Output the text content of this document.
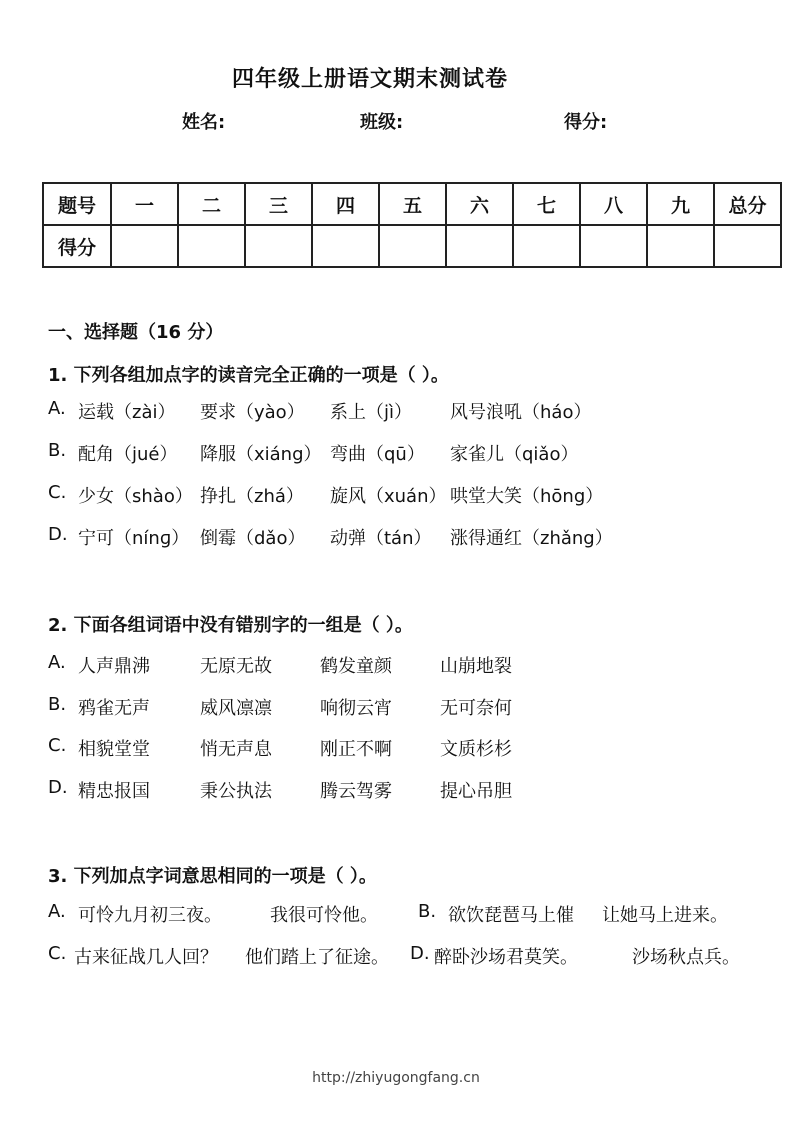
四年级上册语文期末测试卷
姓名:	班级:	得分:
题号	一	二	三	四	五	六	七	八	九	总分
得分										
一、选择题（16 分）
1. 下列各组加点字的读音完全正确的一项是（ ）。
A. 运载（zài） 要求（yào） 系上（jì） 风号浪吼（háo）
B. 配角（jué） 降服（xiáng） 弯曲（qū） 家雀儿（qiǎo）
C. 少女（shào） 挣扎（zhá） 旋风（xuán） 哄堂大笑（hōng）
D. 宁可（nínɡ） 倒霉（dǎo） 动弹（tán） 涨得通红（zhǎng）
2. 下面各组词语中没有错别字的一组是（ ）。
A. 人声鼎沸	无原无故	鹤发童颜	山崩地裂
B. 鸦雀无声	威风凛凛	响彻云宵	无可奈何
C. 相貌堂堂	悄无声息	刚正不啊	文质杉杉
D. 精忠报国	秉公执法	腾云驾雾	提心吊胆
3. 下列加点字词意思相同的一项是（ ）。
A. 可怜九月初三夜。	我很可怜他。 B. 欲饮琵琶马上催 让她马上进来。
C. 古来征战几人回？ 他们踏上了征途。 D. 醉卧沙场君莫笑。	沙场秋点兵。
http://zhiyugongfang.cn
